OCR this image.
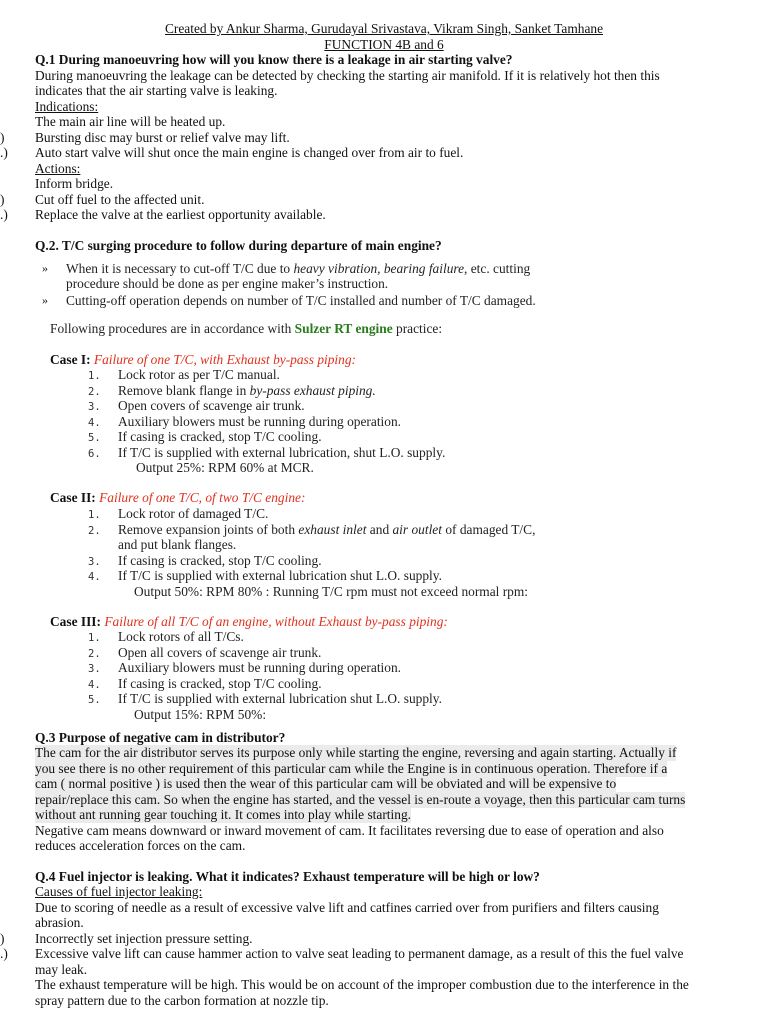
Created by Ankur Sharma, Gurudayal Srivastava, Vikram Singh, Sanket Tamhane
FUNCTION 4B and 6
Q.1 During manoeuvring how will you know there is a leakage in air starting valve?
During manoeuvring the leakage can be detected by checking the starting air manifold. If it is relatively hot then this
indicates that the air starting valve is leaking.
Indications:
The main air line will be heated up.
) Bursting disc may burst or relief valve may lift.
.) Auto start valve will shut once the main engine is changed over from air to fuel.
Actions:
Inform bridge.
) Cut off fuel to the affected unit.
.) Replace the valve at the earliest opportunity available.
Q.2. T/C surging procedure to follow during departure of main engine?
» When it is necessary to cut-off T/C due to heavy vibration, bearing failure, etc. cutting
procedure should be done as per engine maker’s instruction.
» Cutting-off operation depends on number of T/C installed and number of T/C damaged.
Following procedures are in accordance with Sulzer RT engine practice:
Case I: Failure of one T/C, with Exhaust by-pass piping:
1. Lock rotor as per T/C manual.
2. Remove blank flange in by-pass exhaust piping.
3. Open covers of scavenge air trunk.
4. Auxiliary blowers must be running during operation.
5. If casing is cracked, stop T/C cooling.
6. If T/C is supplied with external lubrication, shut L.O. supply.
Output 25%: RPM 60% at MCR.
Case II: Failure of one T/C, of two T/C engine:
1. Lock rotor of damaged T/C.
2. Remove expansion joints of both exhaust inlet and air outlet of damaged T/C,
and put blank flanges.
3. If casing is cracked, stop T/C cooling.
4. If T/C is supplied with external lubrication shut L.O. supply.
Output 50%: RPM 80% : Running T/C rpm must not exceed normal rpm:
Case III: Failure of all T/C of an engine, without Exhaust by-pass piping:
1. Lock rotors of all T/Cs.
2. Open all covers of scavenge air trunk.
3. Auxiliary blowers must be running during operation.
4. If casing is cracked, stop T/C cooling.
5. If T/C is supplied with external lubrication shut L.O. supply.
Output 15%: RPM 50%:
Q.3 Purpose of negative cam in distributor?
The cam for the air distributor serves its purpose only while starting the engine, reversing and again starting. Actually if
you see there is no other requirement of this particular cam while the Engine is in continuous operation. Therefore if a
cam ( normal positive ) is used then the wear of this particular cam will be obviated and will be expensive to
repair/replace this cam. So when the engine has started, and the vessel is en-route a voyage, then this particular cam turns
without ant running gear touching it. It comes into play while starting.
Negative cam means downward or inward movement of cam. It facilitates reversing due to ease of operation and also
reduces acceleration forces on the cam.
Q.4 Fuel injector is leaking. What it indicates? Exhaust temperature will be high or low?
Causes of fuel injector leaking:
Due to scoring of needle as a result of excessive valve lift and catfines carried over from purifiers and filters causing
abrasion.
) Incorrectly set injection pressure setting.
.) Excessive valve lift can cause hammer action to valve seat leading to permanent damage, as a result of this the fuel valve
may leak.
The exhaust temperature will be high. This would be on account of the improper combustion due to the interference in the
spray pattern due to the carbon formation at nozzle tip.
